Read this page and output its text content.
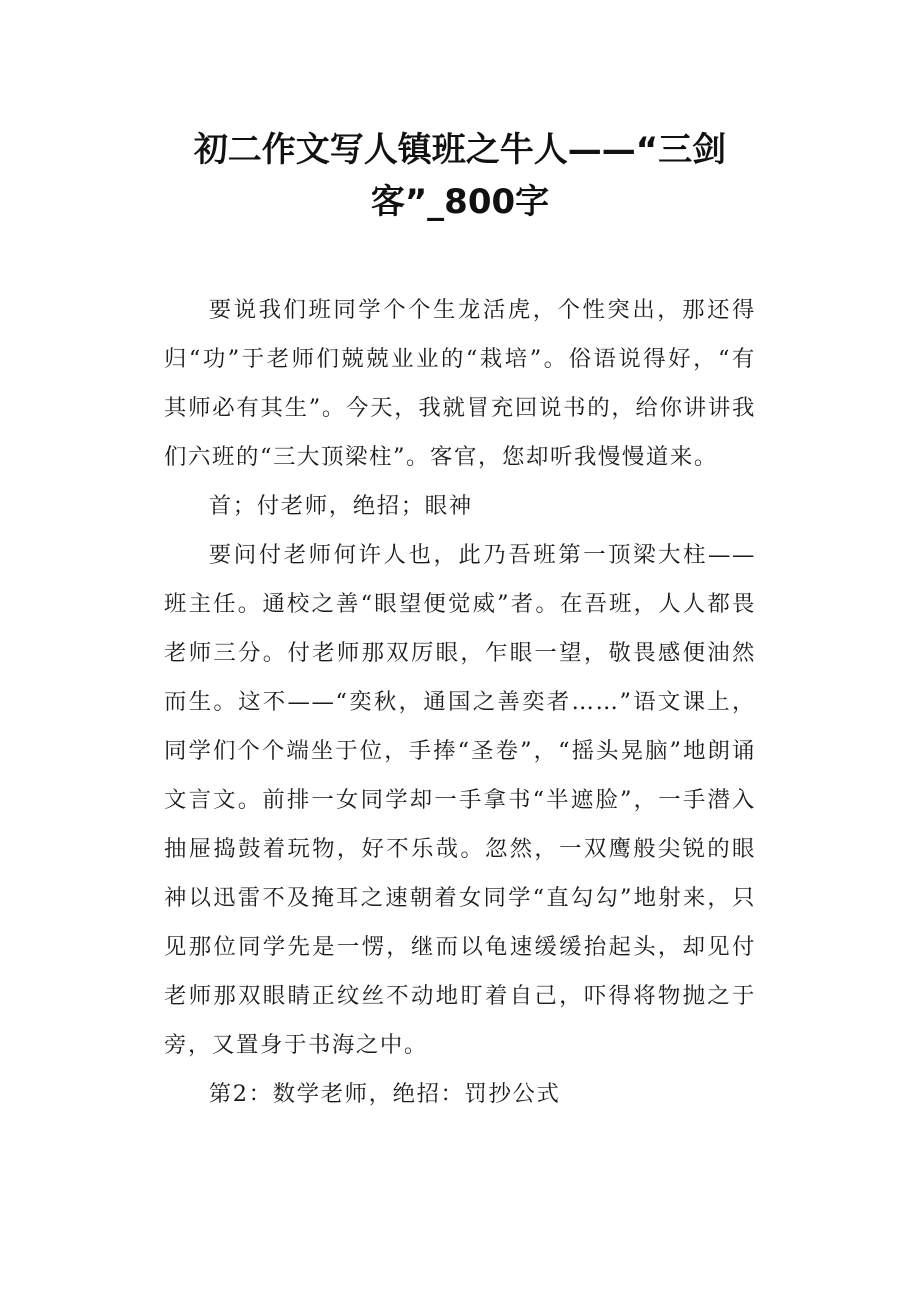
初二作文写人镇班之牛人——“三剑客”_800字

要说我们班同学个个生龙活虎，个性突出，那还得归“功”于老师们兢兢业业的“栽培”。俗语说得好，“有其师必有其生”。今天，我就冒充回说书的，给你讲讲我们六班的“三大顶梁柱”。客官，您却听我慢慢道来。

首；付老师，绝招；眼神

要问付老师何许人也，此乃吾班第一顶梁大柱——班主任。通校之善“眼望便觉威”者。在吾班，人人都畏老师三分。付老师那双厉眼，乍眼一望，敬畏感便油然而生。这不——“奕秋，通国之善奕者……”语文课上，同学们个个端坐于位，手捧“圣卷”，“摇头晃脑”地朗诵文言文。前排一女同学却一手拿书“半遮脸”，一手潜入抽屉捣鼓着玩物，好不乐哉。忽然，一双鹰般尖锐的眼神以迅雷不及掩耳之速朝着女同学“直勾勾”地射来，只见那位同学先是一愣，继而以龟速缓缓抬起头，却见付老师那双眼睛正纹丝不动地盯着自己，吓得将物抛之于旁，又置身于书海之中。

第2：数学老师，绝招：罚抄公式
